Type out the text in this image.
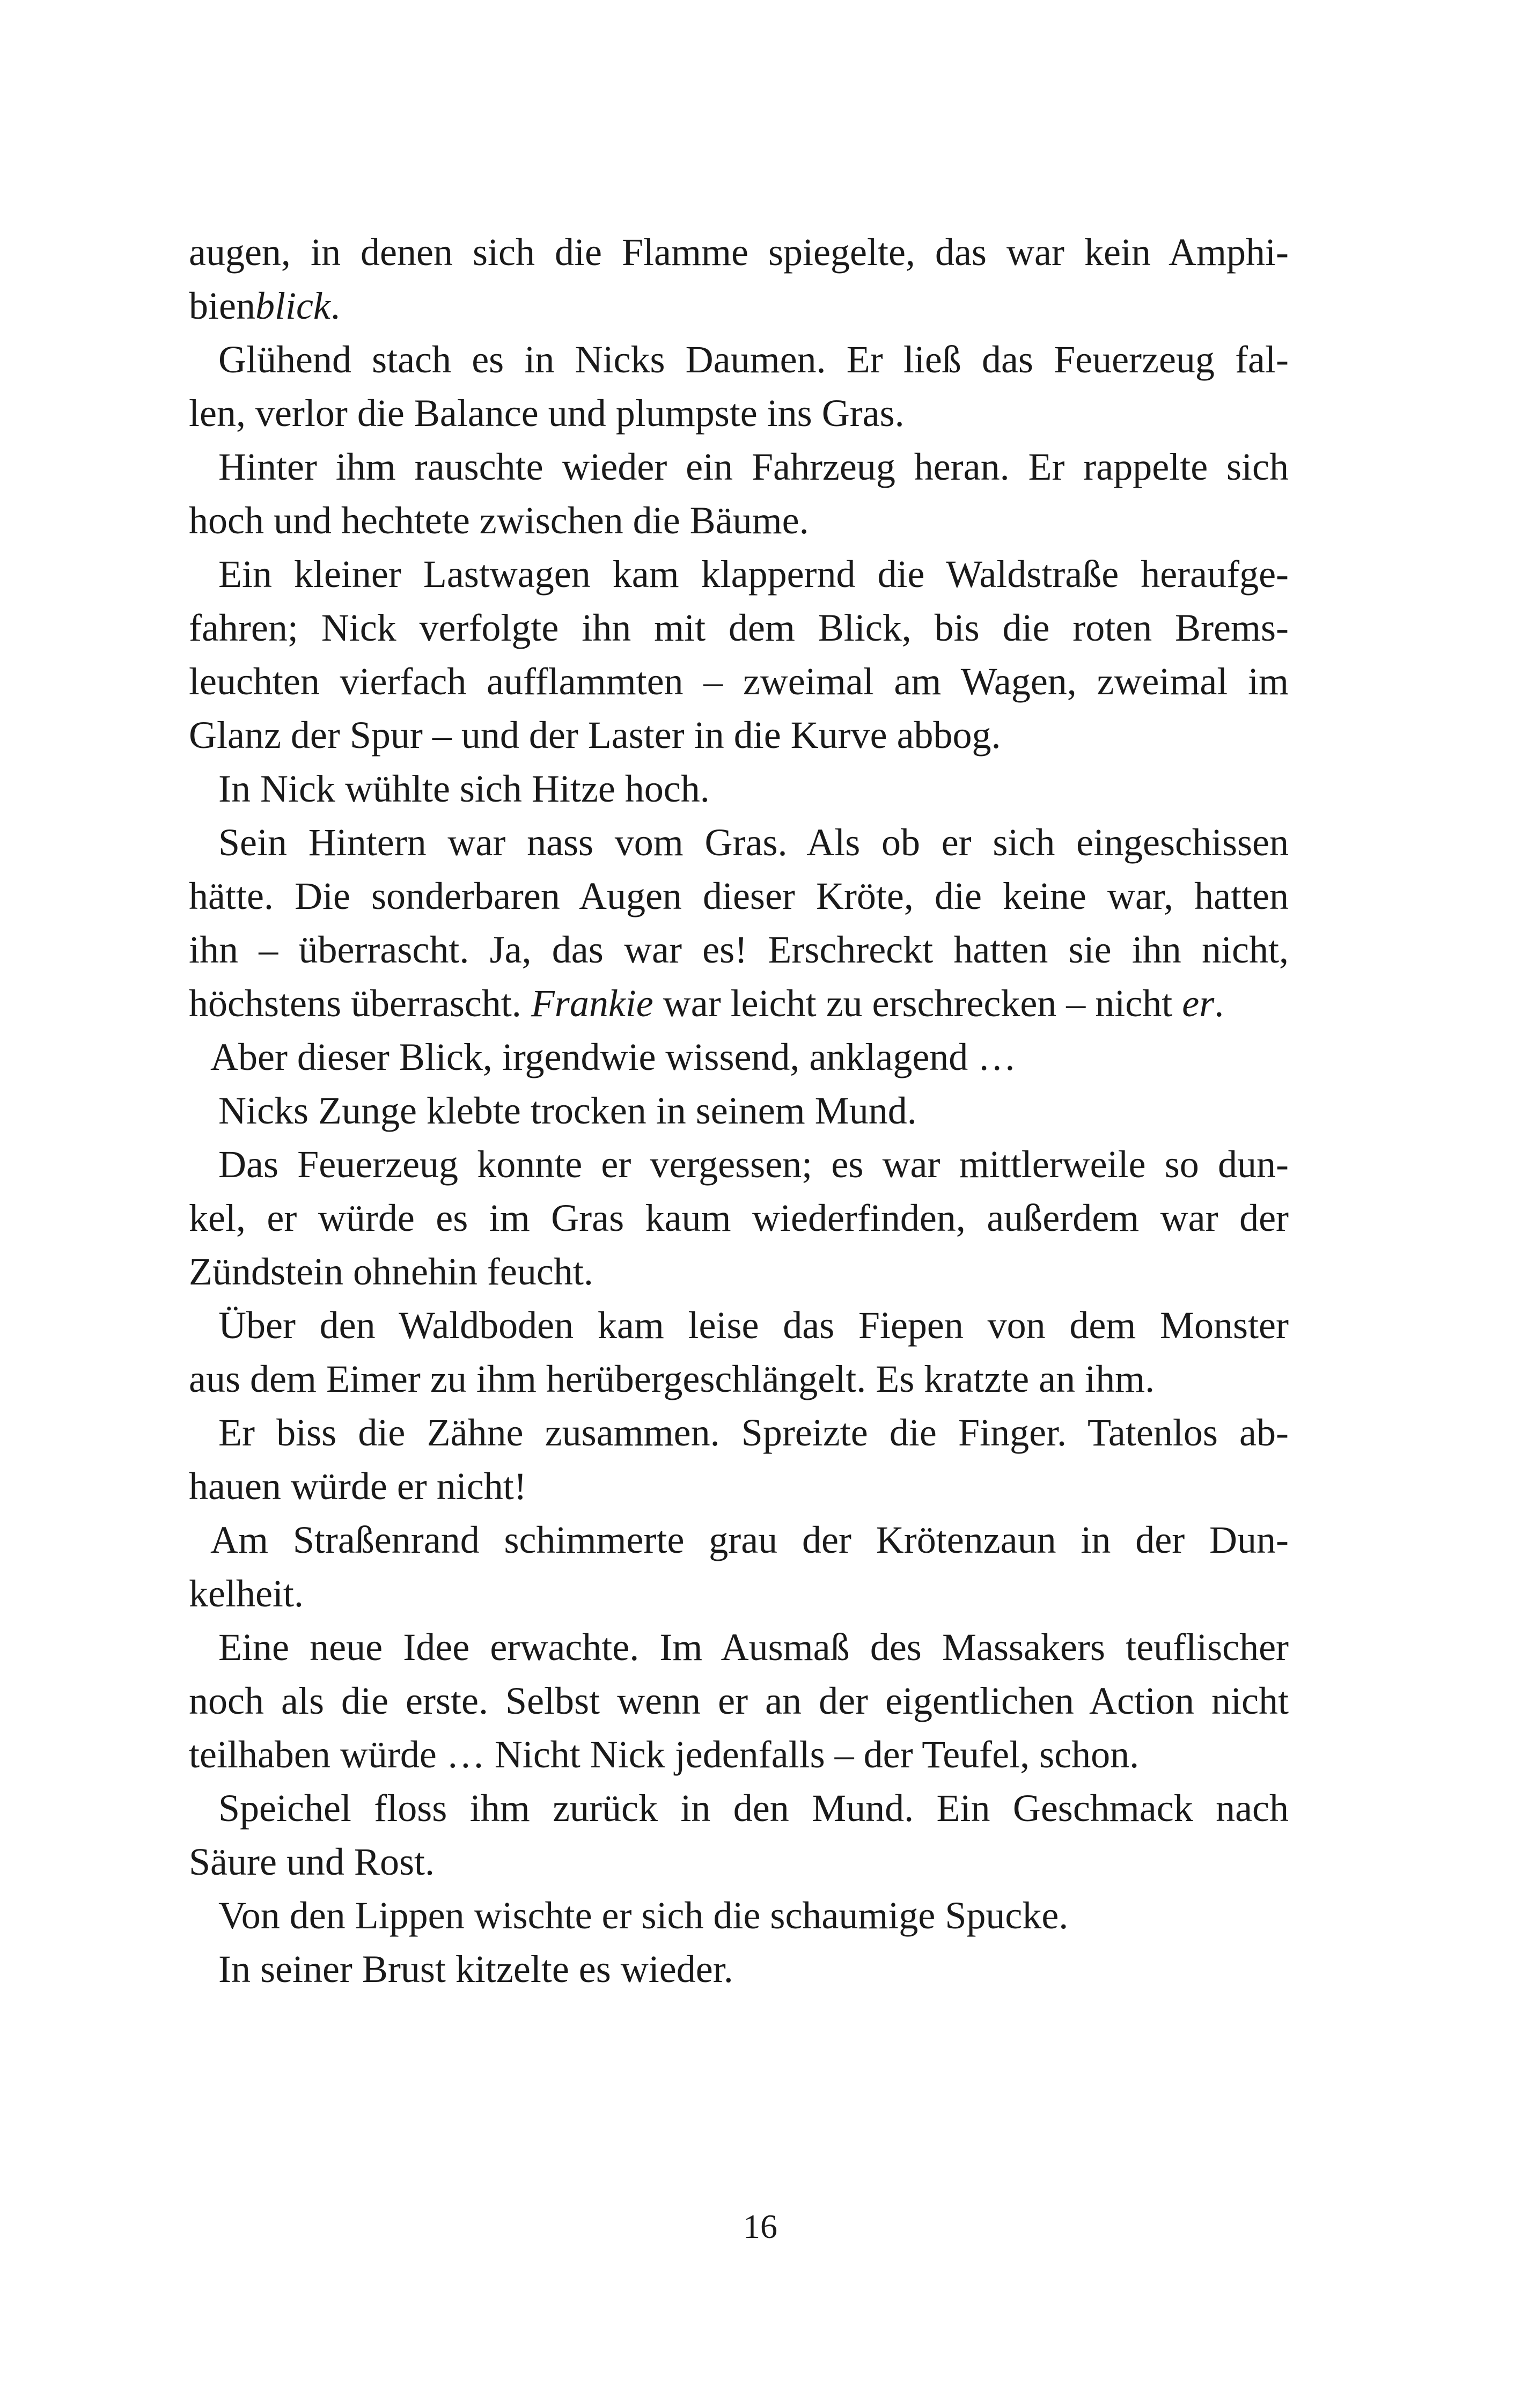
augen, in denen sich die Flamme spiegelte, das war kein Amphi-
bienblick.
Glühend stach es in Nicks Daumen. Er ließ das Feuerzeug fal-
len, verlor die Balance und plumpste ins Gras.
Hinter ihm rauschte wieder ein Fahrzeug heran. Er rappelte sich
hoch und hechtete zwischen die Bäume.
Ein kleiner Lastwagen kam klappernd die Waldstraße heraufge-
fahren; Nick verfolgte ihn mit dem Blick, bis die roten Brems-
leuchten vierfach aufflammten – zweimal am Wagen, zweimal im
Glanz der Spur – und der Laster in die Kurve abbog.
In Nick wühlte sich Hitze hoch.
Sein Hintern war nass vom Gras. Als ob er sich eingeschissen
hätte. Die sonderbaren Augen dieser Kröte, die keine war, hatten
ihn – überrascht. Ja, das war es! Erschreckt hatten sie ihn nicht,
höchstens überrascht. Frankie war leicht zu erschrecken – nicht er.
Aber dieser Blick, irgendwie wissend, anklagend …
Nicks Zunge klebte trocken in seinem Mund.
Das Feuerzeug konnte er vergessen; es war mittlerweile so dun-
kel, er würde es im Gras kaum wiederfinden, außerdem war der
Zündstein ohnehin feucht.
Über den Waldboden kam leise das Fiepen von dem Monster
aus dem Eimer zu ihm herübergeschlängelt. Es kratzte an ihm.
Er biss die Zähne zusammen. Spreizte die Finger. Tatenlos ab-
hauen würde er nicht!
Am Straßenrand schimmerte grau der Krötenzaun in der Dun-
kelheit.
Eine neue Idee erwachte. Im Ausmaß des Massakers teuflischer
noch als die erste. Selbst wenn er an der eigentlichen Action nicht
teilhaben würde … Nicht Nick jedenfalls – der Teufel, schon.
Speichel floss ihm zurück in den Mund. Ein Geschmack nach
Säure und Rost.
Von den Lippen wischte er sich die schaumige Spucke.
In seiner Brust kitzelte es wieder.
16
